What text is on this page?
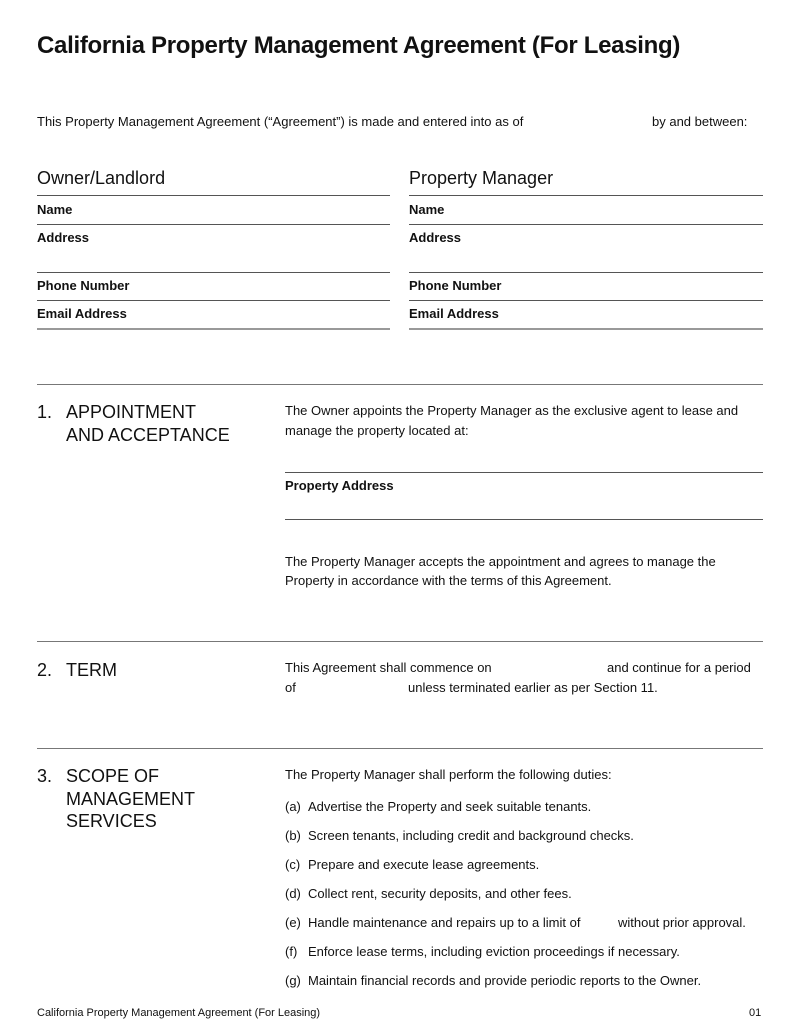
California Property Management Agreement (For Leasing)
This Property Management Agreement (“Agreement”) is made and entered into as of	by and between:
Owner/Landlord
Name
Address
Phone Number
Email Address
Property Manager
Name
Address
Phone Number
Email Address
1. APPOINTMENT
AND ACCEPTANCE
The Owner appoints the Property Manager as the exclusive agent to lease and
manage the property located at:
Property Address
The Property Manager accepts the appointment and agrees to manage the
Property in accordance with the terms of this Agreement.
2. TERM	This Agreement shall commence on	and continue for a period
of	unless terminated earlier as per Section 11.
3. SCOPE OF
MANAGEMENT
SERVICES
The Property Manager shall perform the following duties:
(a) Advertise the Property and seek suitable tenants.
(b) Screen tenants, including credit and background checks.
(c) Prepare and execute lease agreements.
(d) Collect rent, security deposits, and other fees.
(e) Handle maintenance and repairs up to a limit of	without prior approval.
(f) Enforce lease terms, including eviction proceedings if necessary.
(g) Maintain financial records and provide periodic reports to the Owner.
California Property Management Agreement (For Leasing)	01
